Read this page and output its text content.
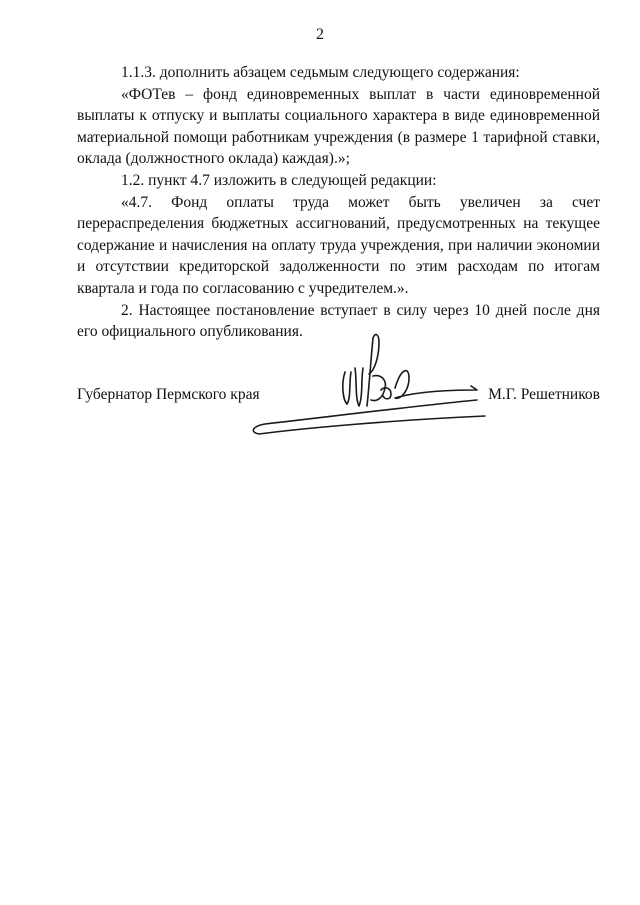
2

1.1.3. дополнить абзацем седьмым следующего содержания:

«ФОТев – фонд единовременных выплат в части единовременной выплаты к отпуску и выплаты социального характера в виде единовременной материальной помощи работникам учреждения (в размере 1 тарифной ставки, оклада (должностного оклада) каждая).»;

1.2. пункт 4.7 изложить в следующей редакции:

«4.7. Фонд оплаты труда может быть увеличен за счет перераспределения бюджетных ассигнований, предусмотренных на текущее содержание и начисления на оплату труда учреждения, при наличии экономии и отсутствии кредиторской задолженности по этим расходам по итогам квартала и года по согласованию с учредителем.».

2. Настоящее постановление вступает в силу через 10 дней после дня его официального опубликования.

Губернатор Пермского края	М.Г. Решетников
